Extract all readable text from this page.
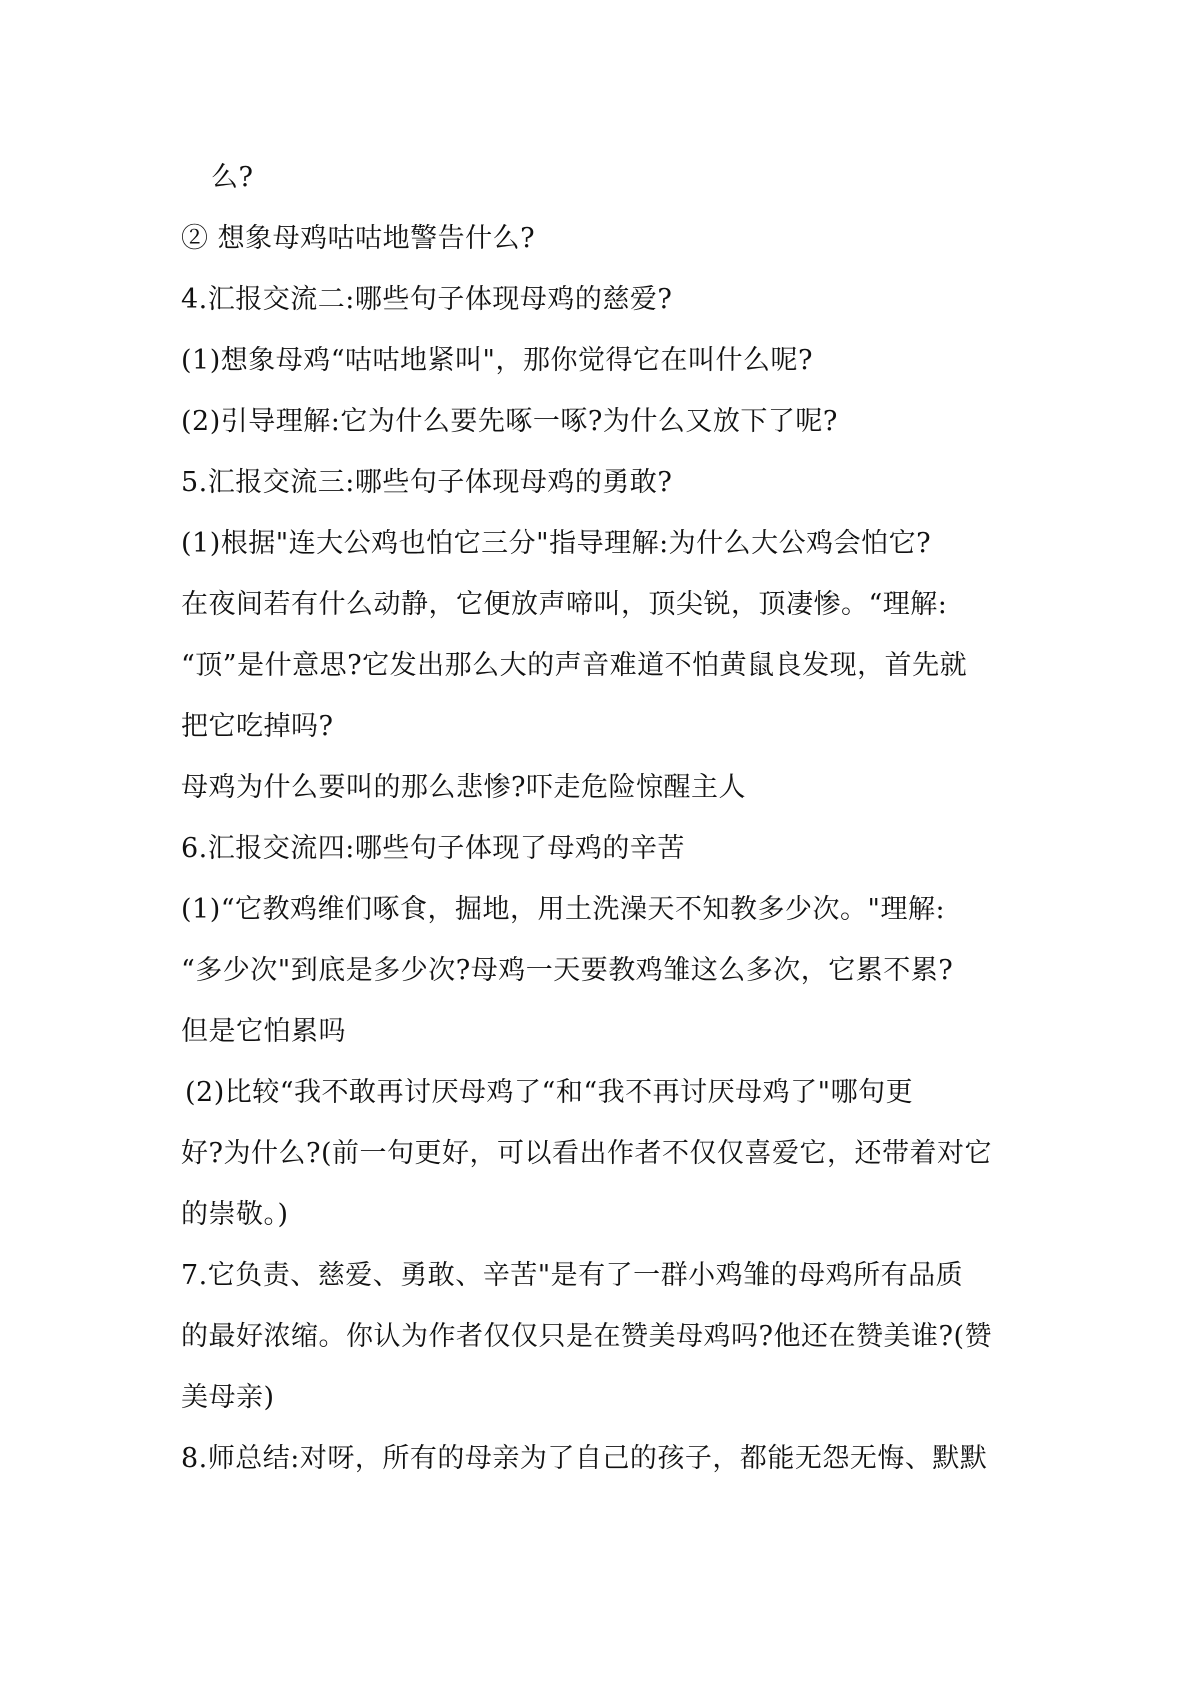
么?

② 想象母鸡咕咕地警告什么?

4.汇报交流二:哪些句子体现母鸡的慈爱?

(1)想象母鸡“咕咕地紧叫"，那你觉得它在叫什么呢?

(2)引导理解:它为什么要先啄一啄?为什么又放下了呢?

5.汇报交流三:哪些句子体现母鸡的勇敢?

(1)根据"连大公鸡也怕它三分"指导理解:为什么大公鸡会怕它?

在夜间若有什么动静，它便放声啼叫，顶尖锐，顶凄惨。“理解:

“顶”是什意思?它发出那么大的声音难道不怕黄鼠良发现，首先就

把它吃掉吗?

母鸡为什么要叫的那么悲惨?吓走危险惊醒主人

6.汇报交流四:哪些句子体现了母鸡的辛苦

(1)“它教鸡维们啄食，掘地，用土洗澡天不知教多少次。"理解:

“多少次"到底是多少次?母鸡一天要教鸡雏这么多次，它累不累?

但是它怕累吗

(2)比较“我不敢再讨厌母鸡了“和“我不再讨厌母鸡了"哪句更

好?为什么?(前一句更好，可以看出作者不仅仅喜爱它，还带着对它

的崇敬。)

7.它负责、慈爱、勇敢、辛苦"是有了一群小鸡雏的母鸡所有品质

的最好浓缩。你认为作者仅仅只是在赞美母鸡吗?他还在赞美谁?(赞

美母亲)

8.师总结:对呀，所有的母亲为了自己的孩子，都能无怨无悔、默默
